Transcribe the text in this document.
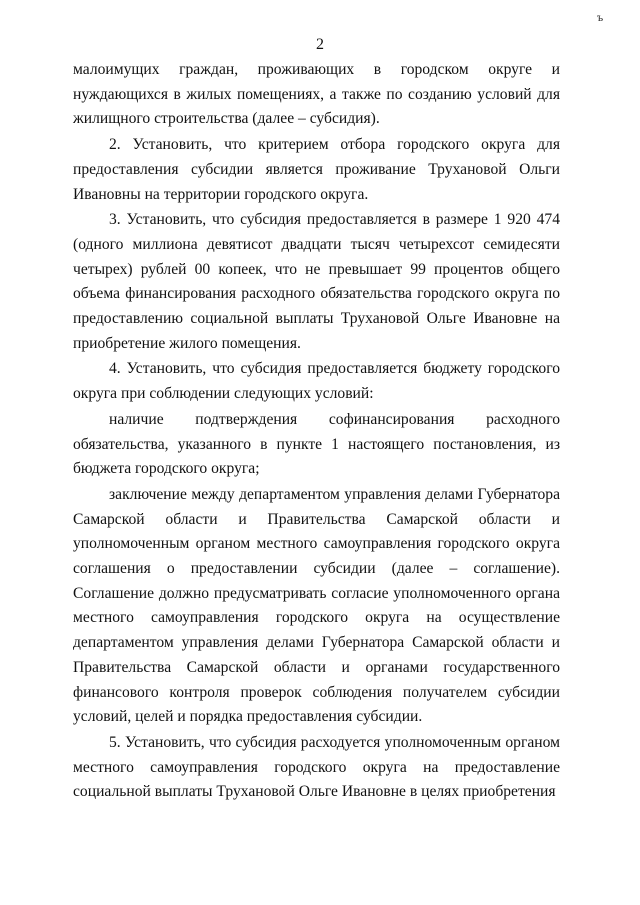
ъ
2

малоимущих граждан, проживающих в городском округе и нуждающихся в жилых помещениях, а также по созданию условий для жилищного строительства (далее – субсидия).

2. Установить, что критерием отбора городского округа для предоставления субсидии является проживание Трухановой Ольги Ивановны на территории городского округа.

3. Установить, что субсидия предоставляется в размере 1 920 474 (одного миллиона девятисот двадцати тысяч четырехсот семидесяти четырех) рублей 00 копеек, что не превышает 99 процентов общего объема финансирования расходного обязательства городского округа по предоставлению социальной выплаты Трухановой Ольге Ивановне на приобретение жилого помещения.

4. Установить, что субсидия предоставляется бюджету городского округа при соблюдении следующих условий:

наличие подтверждения софинансирования расходного обязательства, указанного в пункте 1 настоящего постановления, из бюджета городского округа;

заключение между департаментом управления делами Губернатора Самарской области и Правительства Самарской области и уполномоченным органом местного самоуправления городского округа соглашения о предоставлении субсидии (далее – соглашение). Соглашение должно предусматривать согласие уполномоченного органа местного самоуправления городского округа на осуществление департаментом управления делами Губернатора Самарской области и Правительства Самарской области и органами государственного финансового контроля проверок соблюдения получателем субсидии условий, целей и порядка предоставления субсидии.

5. Установить, что субсидия расходуется уполномоченным органом местного самоуправления городского округа на предоставление социальной выплаты Трухановой Ольге Ивановне в целях приобретения
